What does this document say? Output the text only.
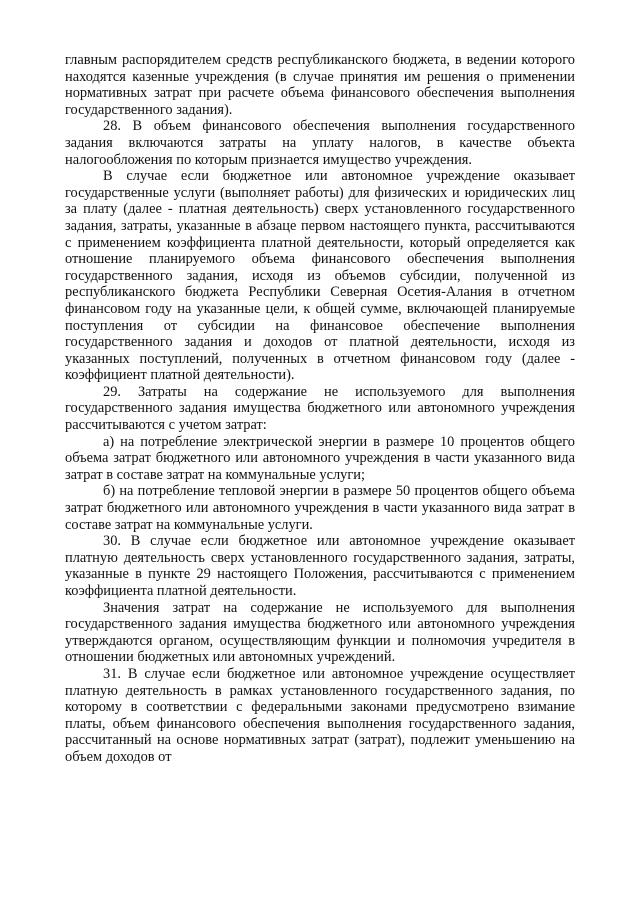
главным распорядителем средств республиканского бюджета, в ведении которого находятся казенные учреждения (в случае принятия им решения о применении нормативных затрат при расчете объема финансового обеспечения выполнения государственного задания).

28. В объем финансового обеспечения выполнения государственного задания включаются затраты на уплату налогов, в качестве объекта налогообложения по которым признается имущество учреждения.

В случае если бюджетное или автономное учреждение оказывает государственные услуги (выполняет работы) для физических и юридических лиц за плату (далее - платная деятельность) сверх установленного государственного задания, затраты, указанные в абзаце первом настоящего пункта, рассчитываются с применением коэффициента платной деятельности, который определяется как отношение планируемого объема финансового обеспечения выполнения государственного задания, исходя из объемов субсидии, полученной из республиканского бюджета Республики Северная Осетия-Алания в отчетном финансовом году на указанные цели, к общей сумме, включающей планируемые поступления от субсидии на финансовое обеспечение выполнения государственного задания и доходов от платной деятельности, исходя из указанных поступлений, полученных в отчетном финансовом году (далее - коэффициент платной деятельности).

29. Затраты на содержание не используемого для выполнения государственного задания имущества бюджетного или автономного учреждения рассчитываются с учетом затрат:

а) на потребление электрической энергии в размере 10 процентов общего объема затрат бюджетного или автономного учреждения в части указанного вида затрат в составе затрат на коммунальные услуги;

б) на потребление тепловой энергии в размере 50 процентов общего объема затрат бюджетного или автономного учреждения в части указанного вида затрат в составе затрат на коммунальные услуги.

30. В случае если бюджетное или автономное учреждение оказывает платную деятельность сверх установленного государственного задания, затраты, указанные в пункте 29 настоящего Положения, рассчитываются с применением коэффициента платной деятельности.

Значения затрат на содержание не используемого для выполнения государственного задания имущества бюджетного или автономного учреждения утверждаются органом, осуществляющим функции и полномочия учредителя в отношении бюджетных или автономных учреждений.

31. В случае если бюджетное или автономное учреждение осуществляет платную деятельность в рамках установленного государственного задания, по которому в соответствии с федеральными законами предусмотрено взимание платы, объем финансового обеспечения выполнения государственного задания, рассчитанный на основе нормативных затрат (затрат), подлежит уменьшению на объем доходов от
